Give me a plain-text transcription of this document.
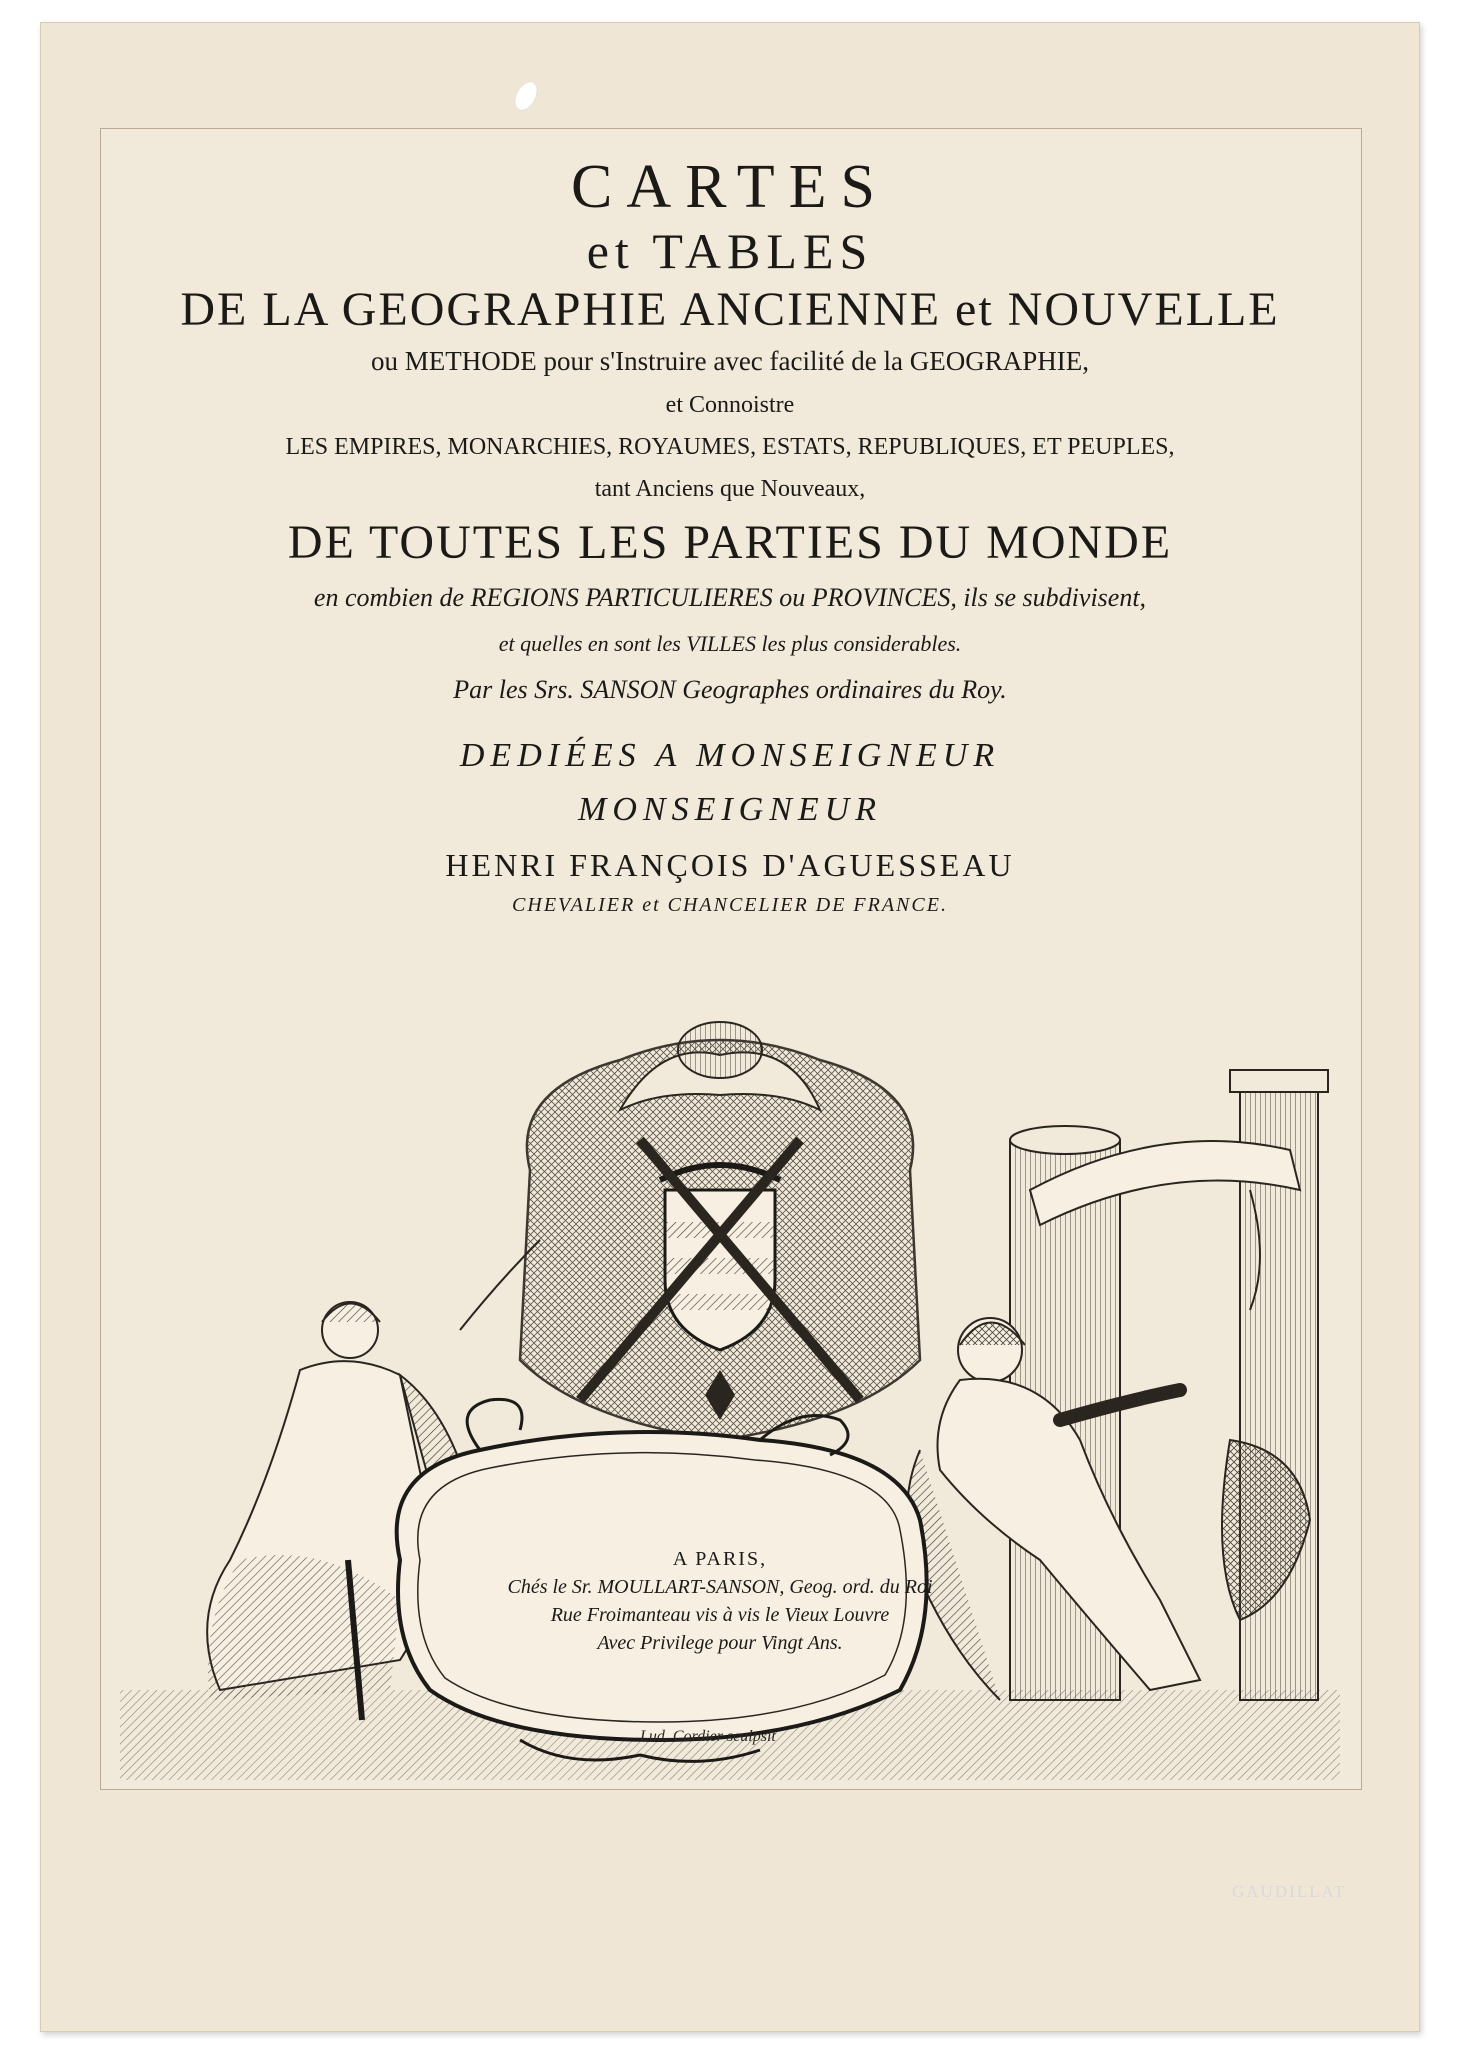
CARTES
et TABLES
DE LA GEOGRAPHIE ANCIENNE et NOUVELLE
ou METHODE pour s'Instruire avec facilité de la GEOGRAPHIE,
et Connoistre
LES EMPIRES, MONARCHIES, ROYAUMES, ESTATS, REPUBLIQUES, ET PEUPLES,
tant Anciens que Nouveaux,
DE TOUTES LES PARTIES DU MONDE
en combien de REGIONS PARTICULIERES ou PROVINCES, ils se subdivisent,
et quelles en sont les VILLES les plus considerables.
Par les Srs. SANSON Geographes ordinaires du Roy.
DEDIÉES A MONSEIGNEUR
MONSEIGNEUR
HENRI FRANÇOIS D'AGUESSEAU
CHEVALIER et CHANCELIER DE FRANCE.
A PARIS,
Chés le Sr. MOULLART-SANSON, Geog. ord. du Roi
Rue Froimanteau vis à vis le Vieux Louvre
Avec Privilege pour Vingt Ans.
Lud. Cordier sculpsit
GAUDILLAT
